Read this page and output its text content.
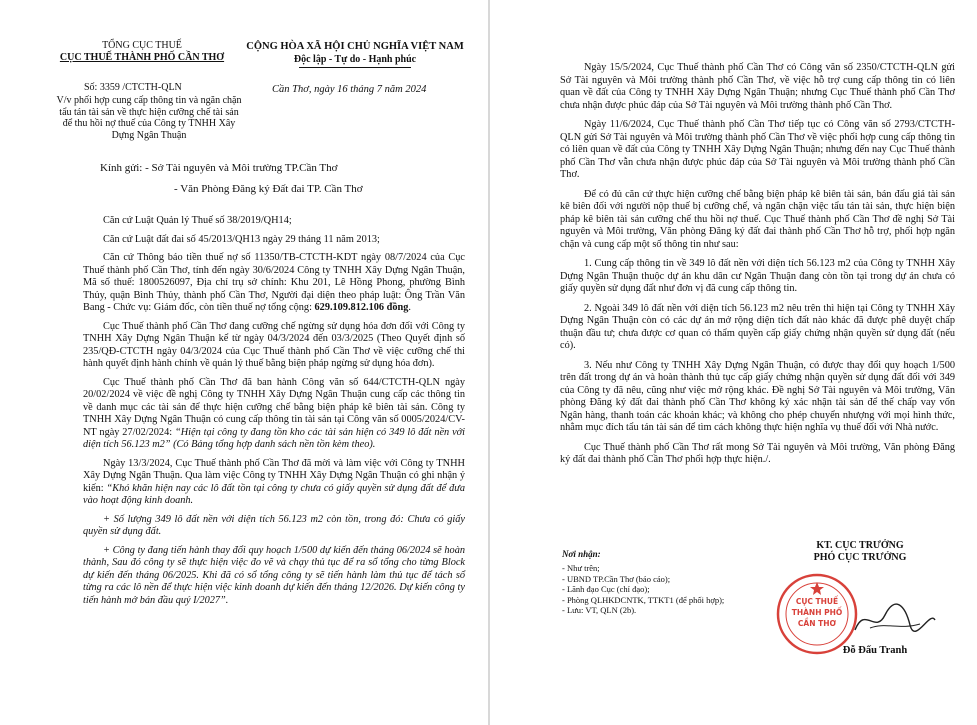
TỔNG CỤC THUẾ
CỤC THUẾ THÀNH PHỐ CẦN THƠ
CỘNG HÒA XÃ HỘI CHỦ NGHĨA VIỆT NAM
Độc lập - Tự do - Hạnh phúc
Số: 3359 /CTCTH-QLN
V/v phối hợp cung cấp thông tin và ngăn chặn tẩu tán tài sản về thực hiện cưỡng chế tài sản để thu hồi nợ thuế của Công ty TNHH Xây Dựng Ngân Thuận
Cần Thơ, ngày 16 tháng 7 năm 2024
Kính gửi: - Sở Tài nguyên và Môi trường TP.Cần Thơ
- Văn Phòng Đăng ký Đất đai TP. Cần Thơ

Căn cứ Luật Quản lý Thuế số 38/2019/QH14;

Căn cứ Luật đất đai số 45/2013/QH13 ngày 29 tháng 11 năm 2013;

Căn cứ Thông báo tiền thuế nợ số 11350/TB-CTCTH-KDT ngày 08/7/2024 của Cục Thuế thành phố Cần Thơ, tính đến ngày 30/6/2024 Công ty TNHH Xây Dựng Ngân Thuận, Mã số thuế: 1800526097, Địa chỉ trụ sở chính: Khu 201, Lê Hồng Phong, phường Bình Thủy, quận Bình Thủy, thành phố Cần Thơ, Người đại diện theo pháp luật: Ông Trần Văn Bang - Chức vụ: Giám đốc, còn tiền thuế nợ tổng cộng: 629.109.812.106 đồng.

Cục Thuế thành phố Cần Thơ đang cưỡng chế ngừng sử dụng hóa đơn đối với Công ty TNHH Xây Dựng Ngân Thuận kể từ ngày 04/3/2024 đến 03/3/2025 (Theo Quyết định số 235/QĐ-CTCTH ngày 04/3/2024 của Cục Thuế thành phố Cần Thơ về việc cưỡng chế thi hành quyết định hành chính về quản lý thuế bằng biện pháp ngừng sử dụng hóa đơn).

Cục Thuế thành phố Cần Thơ đã ban hành Công văn số 644/CTCTH-QLN ngày 20/02/2024 về việc đề nghị Công ty TNHH Xây Dựng Ngân Thuận cung cấp các thông tin về danh mục các tài sản để thực hiện cưỡng chế bằng biện pháp kê biên tài sản. Công ty TNHH Xây Dựng Ngân Thuận có cung cấp thông tin tài sản tại Công văn số 0005/2024/CV-NT ngày 27/02/2024: “Hiện tại công ty đang tồn kho các tài sản hiện có 349 lô đất nền với diện tích 56.123 m2” (Có Bảng tổng hợp danh sách nền tồn kèm theo).

Ngày 13/3/2024, Cục Thuế thành phố Cần Thơ đã mời và làm việc với Công ty TNHH Xây Dựng Ngân Thuận. Qua làm việc Công ty TNHH Xây Dựng Ngân Thuận có ghi nhận ý kiến: “Khó khăn hiện nay các lô đất tồn tại công ty chưa có giấy quyền sử dụng đất để đưa vào hoạt động kinh doanh.

+ Số lượng 349 lô đất nền với diện tích 56.123 m2 còn tồn, trong đó: Chưa có giấy quyền sử dụng đất.

+ Công ty đang tiến hành thay đổi quy hoạch 1/500 dự kiến đến tháng 06/2024 sẽ hoàn thành, Sau đó công ty sẽ thực hiện việc đo vẽ và chạy thủ tục để ra sổ tổng cho từng Block dự kiến đến tháng 06/2025. Khi đã có sổ tổng công ty sẽ tiến hành làm thủ tục để tách sổ từng ra các lô nền để thực hiện việc kinh doanh dự kiến đến tháng 12/2026. Dự kiến công ty tiến hành mở bán đầu quý I/2027”.

Ngày 15/5/2024, Cục Thuế thành phố Cần Thơ có Công văn số 2350/CTCTH-QLN gửi Sở Tài nguyên và Môi trường thành phố Cần Thơ, về việc hỗ trợ cung cấp thông tin có liên quan về đất của Công ty TNHH Xây Dựng Ngân Thuận; nhưng Cục Thuế thành phố Cần Thơ chưa nhận được phúc đáp của Sở Tài nguyên và Môi trường thành phố Cần Thơ.

Ngày 11/6/2024, Cục Thuế thành phố Cần Thơ tiếp tục có Công văn số 2793/CTCTH-QLN gửi Sở Tài nguyên và Môi trường thành phố Cần Thơ về việc phối hợp cung cấp thông tin có liên quan về đất của Công ty TNHH Xây Dựng Ngân Thuận; nhưng đến nay Cục Thuế thành phố Cần Thơ vẫn chưa nhận được phúc đáp của Sở Tài nguyên và Môi trường thành phố Cần Thơ.

Để có đủ căn cứ thực hiện cưỡng chế bằng biện pháp kê biên tài sản, bán đấu giá tài sản kê biên đối với người nộp thuế bị cưỡng chế, và ngăn chặn việc tẩu tán tài sản, thực hiện biện pháp kê biên tài sản cưỡng chế thu hồi nợ thuế. Cục Thuế thành phố Cần Thơ đề nghị Sở Tài nguyên và Môi trường, Văn phòng Đăng ký đất đai thành phố Cần Thơ hỗ trợ, phối hợp ngăn chặn và cung cấp một số thông tin như sau:

1. Cung cấp thông tin về 349 lô đất nền với diện tích 56.123 m2 của Công ty TNHH Xây Dựng Ngân Thuận thuộc dự án khu dân cư Ngân Thuận đang còn tồn tại trong dự án chưa có giấy quyền sử dụng đất như đơn vị đã cung cấp thông tin.

2. Ngoài 349 lô đất nền với diện tích 56.123 m2 nêu trên thì hiện tại Công ty TNHH Xây Dựng Ngân Thuận còn có các dự án mở rộng diện tích đất nào khác đã được phê duyệt chấp thuận đầu tư; chưa được cơ quan có thẩm quyền cấp giấy chứng nhận quyền sử dụng đất (nếu có).

3. Nếu như Công ty TNHH Xây Dựng Ngân Thuận, có được thay đổi quy hoạch 1/500 trên đất trong dự án và hoàn thành thủ tục cấp giấy chứng nhận quyền sử dụng đất đối với 349 của Công ty đã nêu, cũng như việc mở rộng khác. Đề nghị Sở Tài nguyên và Môi trường, Văn phòng Đăng ký đất đai thành phố Cần Thơ không ký xác nhận tài sản để thế chấp vay vốn Ngân hàng, thanh toán các khoản khác; và không cho phép chuyển nhượng với mọi hình thức, nhằm mục đích tẩu tán tài sản để tìm cách không thực hiện nghĩa vụ thuế đối với Nhà nước.

Cục Thuế thành phố Cần Thơ rất mong Sở Tài nguyên và Môi trường, Văn phòng Đăng ký đất đai thành phố Cần Thơ phối hợp thực hiện./.

Nơi nhận:
- Như trên;
- UBND TP.Cần Thơ (báo cáo);
- Lãnh đạo Cục (chỉ đạo);
- Phòng QLHKDCNTK, TTKT1 (để phối hợp);
- Lưu: VT, QLN (2b).
KT. CỤC TRƯỞNG
PHÓ CỤC TRƯỞNG
CỤC THUẾ
THÀNH PHỐ
CẦN THƠ
Đỗ Đấu Tranh
